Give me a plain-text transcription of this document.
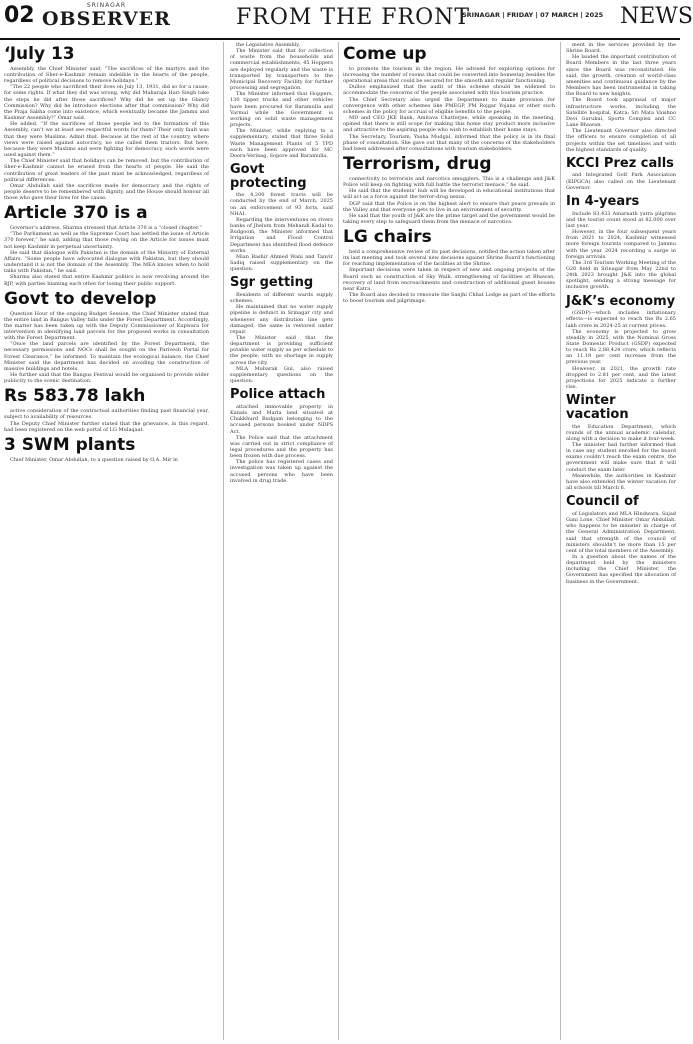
02	SRINAGAR
OBSERVER	FROM THE FRONT
SRINAGAR | FRIDAY | 07 MARCH | 2025 NEWS
‘July 13

Assembly, the Chief Minister said, “The sacrifices of the martyrs and the contribution of Sher-e-Kashmir remain indelible in the hearts of the people, regardless of political decisions to remove holidays.”

“The 22 people who sacrificed their lives on July 13, 1931, did so for a cause, for some rights. If what they did was wrong, why did Maharaja Hari Singh take the steps he did after those sacrifices? Why did he set up the Glancy Commission? Why did he introduce elections after that commission? Why did the Praja Sabha come into existence, which eventually became the Jammu and Kashmir Assembly?” Omar said.

He added, “If the sacrifices of those people led to the formation of this Assembly, can’t we at least see respectful words for them? Their only fault was that they were Muslims. Admit that. Because at the rest of the country, where views were raised against autocracy, no one called them traitors. But here, because they were Muslims and were fighting for democracy, such words were used against them.”

The Chief Minister said that holidays can be removed, but the contribution of Sher-e-Kashmir cannot be erased from the hearts of people. He said the contribution of great leaders of the past must be acknowledged, regardless of political differences.

Omar Abdullah said the sacrifices made for democracy and the rights of people deserve to be remembered with dignity, and the House should honour all those who gave their lives for the cause.

Article 370 is a

Governor’s address, Sharma stressed that Article 370 is a “closed chapter.”

“The Parliament as well as the Supreme Court has settled the issue of Article 370 forever,” he said, adding that those relying on the Article for issues must not keep Kashmir in perpetual uncertainty.

He said that dialogue with Pakistan is the domain of the Ministry of External Affairs. “Some people have advocated dialogue with Pakistan, but they should understand it is not the domain of the Assembly. The MEA knows when to hold talks with Pakistan,” he said.

Sharma also stated that entire Kashmir politics is now revolving around the BJP, with parties blaming each other for losing their public support.

Govt to develop

Question Hour of the ongoing Budget Session, the Chief Minister stated that the entire land in Bangus Valley falls under the Forest Department. Accordingly, the matter has been taken up with the Deputy Commissioner of Kupwara for intervention in identifying land parcels for the proposed works in consultation with the Forest Department.

“Once the land parcels are identified by the Forest Department, the necessary permissions and NOCs shall be sought on the Parivesh Portal for Forest Clearance,” he informed. To maintain the ecological balance, the Chief Minister said the department has decided on avoiding the construction of massive buildings and hotels.

He further said that the Bangus Festival would be organised to provide wider publicity to the scenic destination.

Rs 583.78 lakh

active consideration of the contractual authorities finding past financial year, subject to availability of resources.

The Deputy Chief Minister further stated that the grievance, in this regard, had been registered on the web portal of LG Mulaqaat.

3 SWM plants

Chief Minister, Omar Abdullah, to a question raised by O.A. Mir in

the Legislative Assembly.

The Minister said that for collection of waste from the households and commercial establishments, 45 Hoppers are deployed regularly and the waste is transported by transporters to the Municipal Recovery Facility for further processing and segregation.

The Minister informed that Hoppers, 130 tipper trucks and other vehicles have been procured for Baramulla and Varmul while the Government is working on solid waste management projects.

The Minister, while replying to a supplementary, stated that three Solid Waste Management Plants of 5 TPD each have been approved for MC Dooru-Verinag, Sopore and Baramulla.

Govt protecting

the 4,200 forest tracts will be conducted by the end of March, 2025 on an enforcement of 93 forts, said NHAI.

Regarding the interventions on rivers banks of Jhelum from Mehandi Kadal to Budgoom, the Minister informed that Irrigation and Flood Control Department has identified flood defence works.

Mian Bashir Ahmed Wani and Tanvir Sadiq raised supplementary on the question.

Sgr getting

Residents of different wards supply schemes.

He maintained that no water supply pipeline is defunct in Srinagar city and whenever any distribution line gets damaged, the same is restored under repair.

The Minister said that the department is providing sufficient potable water supply as per schedule to the people, with no shortage in supply across the city.

MLA Mubarak Gul, also raised supplementary questions on the question.

Police attach

attached immovable property in Kanals and Marla land situated at Chakkhurd Budgam belonging to the accused persons booked under NDPS Act.

The Police said that the attachment was carried out in strict compliance of legal procedures and the property has been frozen with due process.

The police has registered cases and investigation was taken up against the accused persons who have been involved in drug trade.

Come up

to promote the tourism in the region. He advised for exploring options for increasing the number of rooms that could be converted into homestay besides the operational areas that could be secured for the smooth and regular functioning.

Dulloo emphasized that the audit of this scheme should be widened to accommodate the concerns of the people associated with this tourism practice.

The Chief Secretary also urged the Department to make provision for convergence with other schemes like PMEGP, PM Rojgar Yojana or other such schemes in the policy for accrual of eligible benefits to the people.

MD and CEO JKE Bank, Amitava Chatterjee, while speaking in the meeting, opined that there is still scope for making this home stay product more inclusive and attractive to the aspiring people who wish to establish their home stays.

The Secretary, Tourism, Yasha Mudgal, informed that the policy is in its final phase of consultation. She gave out that many of the concerns of the stakeholders had been addressed after consultations with tourism stakeholders.

Terrorism, drug

connectivity to terrorists and narcotics smugglers. This is a challenge and J&K Police will keep on fighting with full battle the terrorist menace,” he said.

He said that the students’ hub will be developed in educational institutions that will act as a force against the terror-drug nexus.

DGP said that the Police is on the highest alert to ensure that peace prevails in the Valley and that everyone gets to live in an environment of security.

He said that the youth of J&K are the prime target and the government would be taking every step to safeguard them from the menace of narcotics.

LG chairs

held a comprehensive review of its past decisions, notified the action taken after its last meeting and took several new decisions against Shrine Board’s functioning for reaching implementation of the facilities at the Shrine.

Important decisions were taken in respect of new and ongoing projects of the Board such as construction of Sky Walk, strengthening of facilities at Bhawan, recovery of land from encroachments and construction of additional guest houses near Katra.

The Board also decided to renovate the Sanjhi Chhat Lodge as part of the efforts to boost tourism and pilgrimage.

ment in the services provided by the Shrine Board.

He lauded the important contribution of Board Members in the last three years since the Board was reconstituted. He said, the growth, creation of world-class amenities and continuous guidance by the Members has been instrumental in taking the Board to new heights.

The Board took appraisal of major infrastructure works, including the Satellite hospital, Katra; Sri Mata Vaishno Devi Gurukul, Sports Complex and CC Lane Bhawan.

The Lieutenant Governor also directed the officers to ensure completion of all projects within the set timelines and with the highest standards of quality.

KCCI Prez calls

and Integrated Golf Park Association (KIPGCA) also called on the Lieutenant Governor.

In 4-years

Include 83,433 Amarnath yatra pilgrims and the tourist count stood at 82,000 over last year.

However, in the four subsequent years from 2021 to 2024, Kashmir witnessed more foreign tourists compared to Jammu with the year 2024 recording a surge in foreign arrivals.

The 3rd Tourism Working Meeting of the G20 held in Srinagar from May 22nd to 24th 2023 brought J&K into the global spotlight, sending a strong message for inclusive growth.

J&K’s economy

(GSDP)—which includes inflationary effects—is expected to reach the Rs 2.65 lakh crore in 2024-25 at current prices.

The economy is projected to grow steadily in 2025, with the Nominal Gross State Domestic Product (GSDP) expected to reach Rs 2,88,424 crore, which reflects an 11.19 per cent increase from the previous year.

However, in 2021, the growth rate dropped to 2.81 per cent, and the latest projections for 2025 indicate a further rise.

Winter vacation

the Education Department, which rounds of the annual academic calendar, along with a decision to make it four-week.

The minister had further informed that in case any student enrolled for the board exams couldn’t reach the exam centre, the government will make sure that it will conduct the exam later.

Meanwhile, the authorities in Kashmir have also extended the winter vacation for all schools till March 6.

Council of

of Legislators and MLA Hindwara, Sajad Gani Lone, Chief Minister Omar Abdullah, who happens to be minister in charge of the General Administration Department, said that strength of the council of ministers shouldn’t be more than 15 per cent of the total members of the Assembly.

In a question about the names of the department held by the ministers including the Chief Minister, the Government has specified the allocation of business in the Government.
